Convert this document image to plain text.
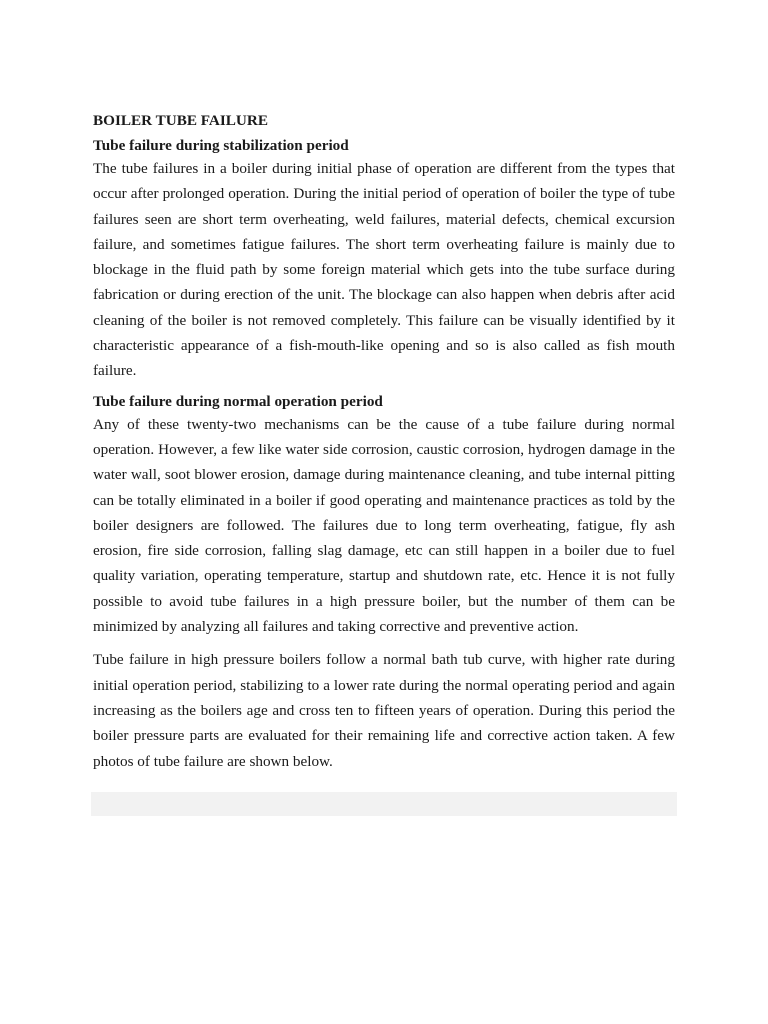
BOILER TUBE FAILURE
Tube failure during stabilization period

The tube failures in a boiler during initial phase of operation are different from the types that occur after prolonged operation. During the initial period of operation of boiler the type of tube failures seen are short term overheating, weld failures, material defects, chemical excursion failure, and sometimes fatigue failures. The short term overheating failure is mainly due to blockage in the fluid path by some foreign material which gets into the tube surface during fabrication or during erection of the unit. The blockage can also happen when debris after acid cleaning of the boiler is not removed completely. This failure can be visually identified by it characteristic appearance of a fish-mouth-like opening and so is also called as fish mouth failure.

Tube failure during normal operation period

Any of these twenty-two mechanisms can be the cause of a tube failure during normal operation. However, a few like water side corrosion, caustic corrosion, hydrogen damage in the water wall, soot blower erosion, damage during maintenance cleaning, and tube internal pitting can be totally eliminated in a boiler if good operating and maintenance practices as told by the boiler designers are followed. The failures due to long term overheating, fatigue, fly ash erosion, fire side corrosion, falling slag damage, etc can still happen in a boiler due to fuel quality variation, operating temperature, startup and shutdown rate, etc. Hence it is not fully possible to avoid tube failures in a high pressure boiler, but the number of them can be minimized by analyzing all failures and taking corrective and preventive action.

Tube failure in high pressure boilers follow a normal bath tub curve, with higher rate during initial operation period, stabilizing to a lower rate during the normal operating period and again increasing as the boilers age and cross ten to fifteen years of operation. During this period the boiler pressure parts are evaluated for their remaining life and corrective action taken. A few photos of tube failure are shown below.
